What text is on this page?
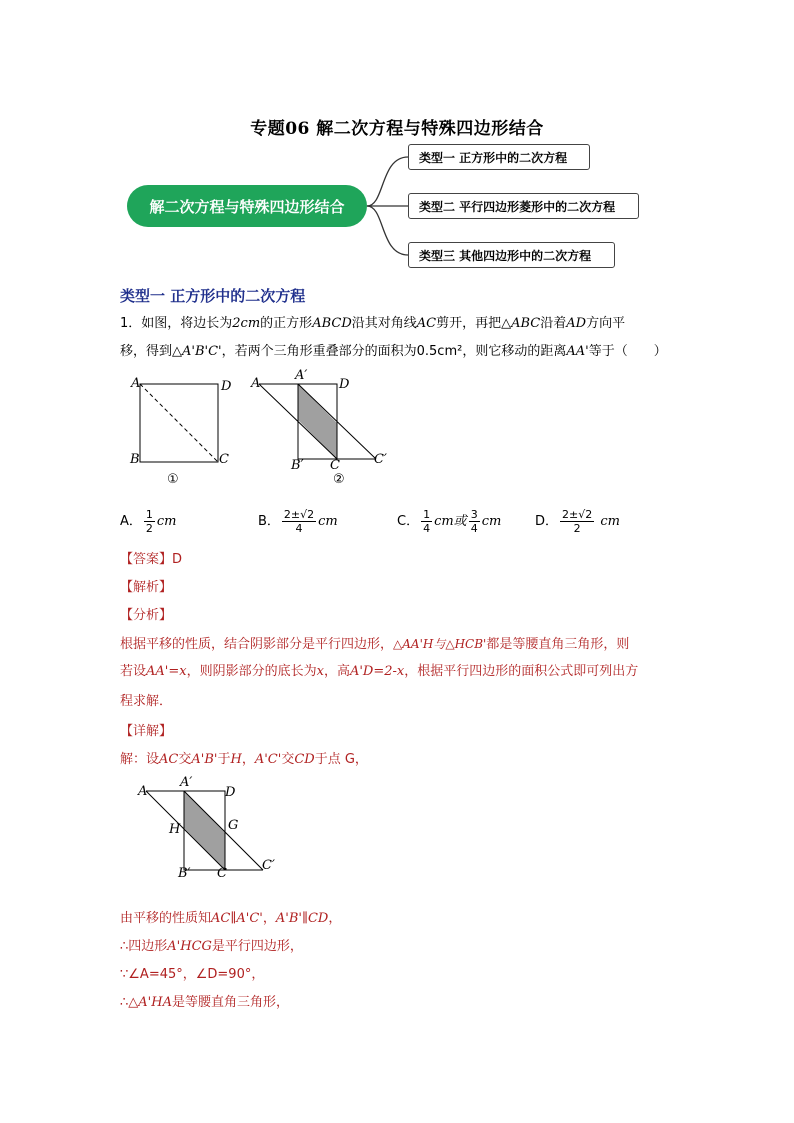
专题06 解二次方程与特殊四边形结合
解二次方程与特殊四边形结合
类型一 正方形中的二次方程
类型二 平行四边形菱形中的二次方程
类型三 其他四边形中的二次方程
类型一 正方形中的二次方程
1．如图，将边长为2cm的正方形ABCD沿其对角线AC剪开，再把△ABC沿着AD方向平
移，得到△A'B'C'，若两个三角形重叠部分的面积为0.5cm²，则它移动的距离AA'等于（　　）
A	D
B	C
①
A
A′
D
B′ C	C′
②
A． $\frac{1}{2}$ cm	B． $\frac{2\pm√2}{4}$ cm	C． $\frac{1}{4}$ cm或 $\frac{3}{4}$ cm	D． $\frac{2\pm√2}{2}$ cm
【答案】D
【解析】
【分析】
根据平移的性质，结合阴影部分是平行四边形，△AA'H与△HCB'都是等腰直角三角形，则
若设AA'=x，则阴影部分的底长为x，高A'D=2-x，根据平行四边形的面积公式即可列出方
程求解．
【详解】
解：设AC交A'B'于H，A'C'交CD于点 G，
A
A′
D
H	G
B′ C
C′
由平移的性质知AC∥A'C'，A'B'∥CD，
∴四边形A'HCG是平行四边形，
∵∠A=45°，∠D=90°，
∴△A'HA是等腰直角三角形，
